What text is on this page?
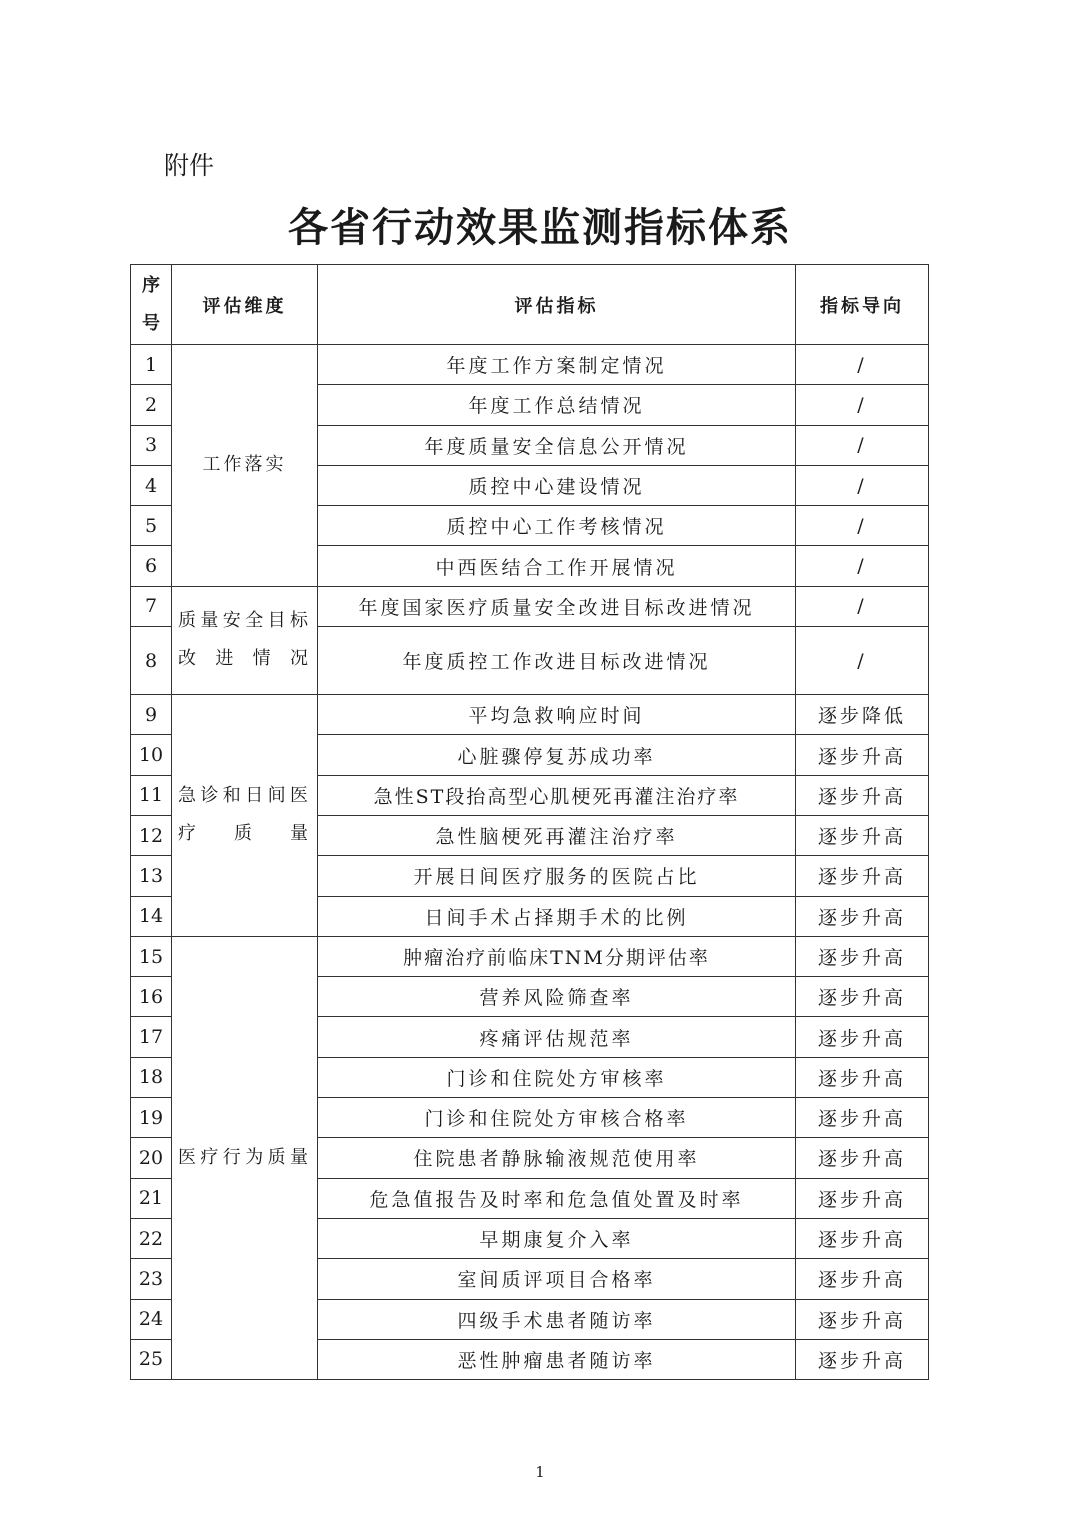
附件
各省行动效果监测指标体系
序号	评估维度	评估指标	指标导向
1	工作落实	年度工作方案制定情况	/
2		年度工作总结情况	/
3		年度质量安全信息公开情况	/
4		质控中心建设情况	/
5		质控中心工作考核情况	/
6		中西医结合工作开展情况	/
7	质量安全目标改进情况	年度国家医疗质量安全改进目标改进情况	/
8		年度质控工作改进目标改进情况	/
9	急诊和日间医疗质量	平均急救响应时间	逐步降低
10		心脏骤停复苏成功率	逐步升高
11		急性ST段抬高型心肌梗死再灌注治疗率	逐步升高
12		急性脑梗死再灌注治疗率	逐步升高
13		开展日间医疗服务的医院占比	逐步升高
14		日间手术占择期手术的比例	逐步升高
15	医疗行为质量	肿瘤治疗前临床TNM分期评估率	逐步升高
16		营养风险筛查率	逐步升高
17		疼痛评估规范率	逐步升高
18		门诊和住院处方审核率	逐步升高
19		门诊和住院处方审核合格率	逐步升高
20		住院患者静脉输液规范使用率	逐步升高
21		危急值报告及时率和危急值处置及时率	逐步升高
22		早期康复介入率	逐步升高
23		室间质评项目合格率	逐步升高
24		四级手术患者随访率	逐步升高
25		恶性肿瘤患者随访率	逐步升高
1
